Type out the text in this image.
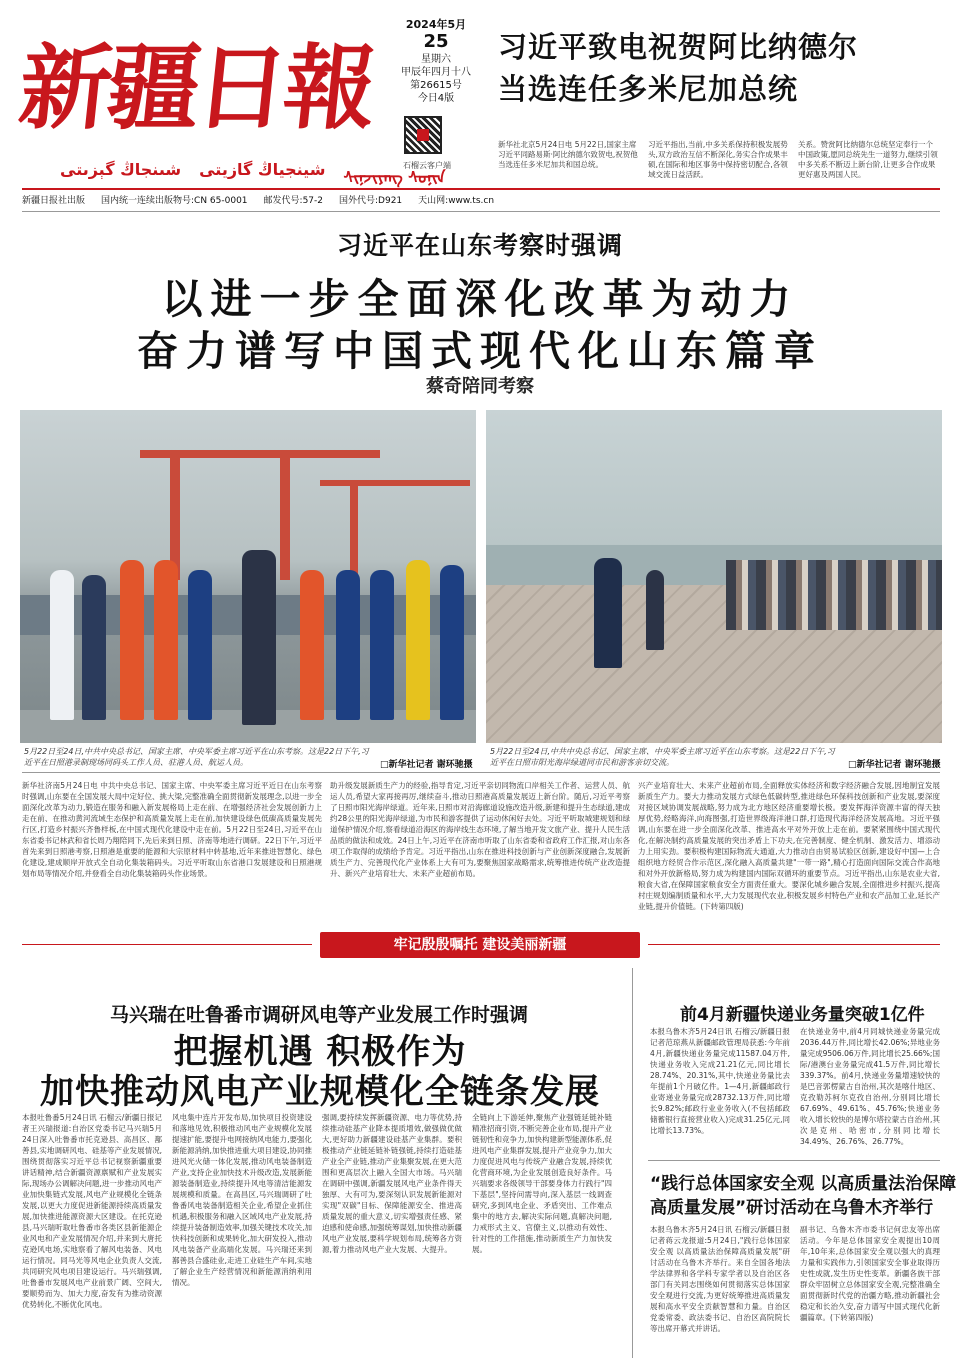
新疆日報
شىنجاڭ گېزىتى شينجياڭ گازيتى ᠰᠢᠨ᠋ᠵᠢᠶᠠᠩ ᠰᠣᠨᠢᠨ
2024年5月
25
星期六
甲辰年四月十八
第26615号
今日4版
石榴云客户端
习近平致电祝贺阿比纳德尔
当选连任多米尼加总统
新华社北京5月24日电 5月22日,国家主席习近平同路易斯·阿比纳德尔致贺电,祝贺他当选连任多米尼加共和国总统。
习近平指出,当前,中多关系保持积极发展势头,双方政治互信不断深化,务实合作成果丰硕,在国际和地区事务中保持密切配合,各领域交流日益活跃。
关系。赞赏阿比纳德尔总统坚定奉行一个中国政策,愿同总统先生一道努力,继续引领中多关系不断迈上新台阶,让更多合作成果更好惠及两国人民。
新疆日报社出版 国内统一连续出版物号:CN 65-0001 邮发代号:57-2 国外代号:D921 天山网:www.ts.cn
习近平在山东考察时强调
以进一步全面深化改革为动力
奋力谱写中国式现代化山东篇章
蔡奇陪同考察
5月22日至24日,中共中央总书记、国家主席、中央军委主席习近平在山东考察。这是22日下午,习近平在日照港录制现场同码头工作人员、驻港人员、航运人员。	□新华社记者 谢环驰摄
5月22日至24日,中共中央总书记、国家主席、中央军委主席习近平在山东考察。这是22日下午,习近平在日照市阳光海岸绿道同市民和游客亲切交流。	□新华社记者 谢环驰摄
新华社济南5月24日电 中共中央总书记、国家主席、中央军委主席习近平近日在山东考察时强调,山东要在全国发展大局中定好位、挑大梁,完整准确全面贯彻新发展理念,以进一步全面深化改革为动力,锻造在服务和融入新发展格局上走在前、在增强经济社会发展创新力上走在前、在推动黄河流域生态保护和高质量发展上走在前,加快建设绿色低碳高质量发展先行区,打造乡村振兴齐鲁样板,在中国式现代化建设中走在前。5月22日至24日,习近平在山东省委书记林武和省长周乃翔陪同下,先后来到日照、济南等地进行调研。22日下午,习近平首先来到日照港考察,日照港是重要的能源和大宗原材料中转基地,近年来推进智慧化、绿色化建设,建成顺岸开放式全自动化集装箱码头。习近平听取山东省港口发展建设和日照港规划布局等情况介绍,并登看全自动化集装箱码头作业场景。
助升级发展新质生产力的经验,指导肯定,习近平亲切同物流口岸相关工作者、运营人员、航运人员,希望大家再接再厉,继续奋斗,推动日照港高质量发展迈上新台阶。随后,习近平考察了日照市阳光海岸绿道。近年来,日照市对沿海廊道设施改造升级,新建和提升生态绿道,建成约28公里的阳光海岸绿道,为市民和游客提供了运动休闲好去处。习近平听取城建规划和绿道保护情况介绍,察看绿道沿海区的海岸线生态环境,了解当地开发文旅产业、提升人民生活品质的做法和成效。24日上午,习近平在济南市听取了山东省委和省政府工作汇报,对山东各项工作取得的成绩给予肯定。习近平指出,山东在推进科技创新与产业创新深度融合,发展新质生产力、完善现代化产业体系上大有可为,要聚焦国家战略需求,统筹推进传统产业改造提升、新兴产业培育壮大、未来产业超前布局。
兴产业培育壮大、未来产业超前布局,全面释放实体经济和数字经济融合发展,因地制宜发展新质生产力。要大力推动发展方式绿色低碳转型,推进绿色环保科技创新和产业发展,要深度对接区域协调发展战略,努力成为北方地区经济重要增长极。要发挥海洋资源丰富的得天独厚优势,经略海洋,向海图强,打造世界级海洋港口群,打造现代海洋经济发展高地。习近平强调,山东要在进一步全面深化改革、推进高水平对外开放上走在前。要紧紧围绕中国式现代化,在解决制约高质量发展的突出矛盾上下功夫,在完善制度、健全机制、激发活力、增添动力上用实劲。要积极构建国际物流大通道,大力推动自由贸易试验区创新,建设好中国—上合组织地方经贸合作示范区,深化融入高质量共建"一带一路",精心打造面向国际交流合作高地和对外开放新格局,努力成为构建国内国际双循环的重要节点。习近平指出,山东是农业大省,粮食大省,在保障国家粮食安全方面责任重大。要深化城乡融合发展,全面推进乡村振兴,提高村庄规划编制质量和水平,大力发展现代农业,积极发展乡村特色产业和农产品加工业,延长产业链,提升价值链。(下转第四版)
牢记殷殷嘱托 建设美丽新疆
马兴瑞在吐鲁番市调研风电等产业发展工作时强调
把握机遇 积极作为
加快推动风电产业规模化全链条发展
本报吐鲁番5月24日讯 石榴云/新疆日报记者王兴瑞报道:自治区党委书记马兴瑞5月24日深入吐鲁番市托克逊县、高昌区、鄯善县,实地调研风电、硅基等产业发展情况,围绕贯彻落实习近平总书记视察新疆重要讲话精神,结合新疆资源禀赋和产业发展实际,现场办公调解决问题,进一步推动风电产业加快集链式发展,风电产业规模化全链条发展,以更大力度促进新能源持续高质量发展,加快推进能源资源大区建设。在托克逊县,马兴瑞听取吐鲁番市各类区县新能源企业风电和产业发展情况介绍,并来到大唐托克逊风电场,实地察看了解风电装备、风电运行情况。同马光等风电企业负责人交流,共同研究风电项目建设运行。马兴瑞强调,吐鲁番市发展风电产业前景广阔、空间大,要顺势而为、加大力度,奋发有为推动资源优势转化,不断优化风电。
风电集中连片开发布局,加快项目投资建设和落地见效,积极推动风电产业规模化发展提速扩能,要提升电网接纳风电能力,要强化新能源消纳,加快推进重大项目建设,协同推进风光火储一体化发展,推动风电装备制造产业,支持企业加快技术升级改造,发展新能源装备制造业,持续提升风电等清洁能源发展规模和质量。在高昌区,马兴瑞调研了吐鲁番风电装备制造相关企业,希望企业抓住机遇,积极服务和融入区域风电产业发展,持续提升装备制造效率,加强关键技术攻关,加快科技创新和成果转化,加大研发投入,推动风电装备产业高端化发展。马兴瑞还来到鄯善县合盛硅业,走进工业硅生产车间,实地了解企业生产经营情况和新能源消纳利用情况。
强调,要持续发挥新疆资源、电力等优势,持续推动硅基产业降本提质增效,做强做优做大,更好助力新疆建设硅基产业集群。要积极推动产业链延链补链强链,持续打造硅基产业全产业链,推动产业集聚发展,在更大范围和更高层次上融入全国大市场。马兴瑞在调研中强调,新疆发展风电产业条件得天独厚、大有可为,要深刻认识发展新能源对实现"双碳"目标、保障能源安全、推进高质量发展的重大意义,切实增强责任感、紧迫感和使命感,加强统筹谋划,加快推动新疆风电产业发展,要科学规划布局,统筹各方资源,着力推动风电产业大发展、大提升。
全链向上下游延伸,聚焦产业强链延链补链精准招商引资,不断完善企业布局,提升产业链韧性和竞争力,加快构建新型能源体系,促进风电产业集群发展,提升产业竞争力,加大力度促进风电与传统产业融合发展,持续优化营商环境,为企业发展创造良好条件。马兴瑞要求各级领导干部要身体力行践行"四下基层",坚持问需导向,深入基层一线调查研究,多到风电企业、矛盾突出、工作难点集中的地方去,解决实际问题,真解决问题,力戒形式主义、官僚主义,以推动有效性、针对性的工作措施,推动新质生产力加快发展。
前4月新疆快递业务量突破1亿件
本报乌鲁木齐5月24日讯 石榴云/新疆日报记者范琼燕从新疆邮政管理局获悉:今年前4月,新疆快递业务量完成11587.04万件,快递业务收入完成21.21亿元,同比增长28.74%、20.31%,其中,快递业务量比去年提前1个月破亿件。1—4月,新疆邮政行业寄递业务量完成28732.13万件,同比增长9.82%;邮政行业业务收入(不包括邮政储蓄银行直接营业收入)完成31.25亿元,同比增长13.73%。
在快递业务中,前4月同城快递业务量完成2036.44万件,同比增长42.06%;异地业务量完成9506.06万件,同比增长25.66%;国际/港澳台业务量完成41.5万件,同比增长339.37%。前4月,快递业务量增速较快的是巴音郭楞蒙古自治州,其次是喀什地区、克孜勒苏柯尔克孜自治州,分别同比增长67.69%、49.61%、45.76%;快递业务收入增长较快的是博尔塔拉蒙古自治州,其次是克州、哈密市,分别同比增长34.49%、26.76%、26.77%。
“践行总体国家安全观 以高质量法治保障
高质量发展”研讨活动在乌鲁木齐举行
本报乌鲁木齐5月24日讯 石榴云/新疆日报记者蒋云龙报道:5月24日,"践行总体国家安全观 以高质量法治保障高质量发展"研讨活动在乌鲁木齐举行。来自全国各地法学法律界和各学科专家学者以及自治区各部门有关同志围绕如何贯彻落实总体国家安全观进行交流,为更好统筹推进高质量发展和高水平安全贡献智慧和力量。自治区党委常委、政法委书记、自治区高院院长等出席开幕式并讲话。
副书记、乌鲁木齐市委书记何忠友等出席活动。今年是总体国家安全观提出10周年,10年来,总体国家安全观以强大的真理力量和实践伟力,引领国家安全事业取得历史性成就,发生历史性变革。新疆各族干部群众牢固树立总体国家安全观,完整准确全面贯彻新时代党的治疆方略,推动新疆社会稳定和长治久安,奋力谱写中国式现代化新疆篇章。(下转第四版)
